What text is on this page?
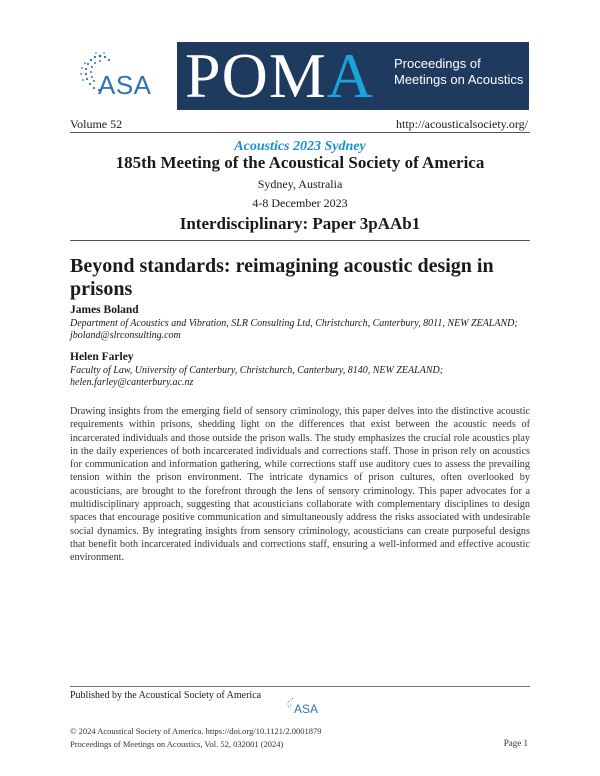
ASA POMA Proceedings of Meetings on Acoustics
Volume 52	http://acousticalsociety.org/
Acoustics 2023 Sydney
185th Meeting of the Acoustical Society of America
Sydney, Australia
4-8 December 2023
Interdisciplinary: Paper 3pAAb1
Beyond standards: reimagining acoustic design in prisons
James Boland
Department of Acoustics and Vibration, SLR Consulting Ltd, Christchurch, Canterbury, 8011, NEW ZEALAND; jboland@slrconsulting.com
Helen Farley
Faculty of Law, University of Canterbury, Christchurch, Canterbury, 8140, NEW ZEALAND; helen.farley@canterbury.ac.nz
Drawing insights from the emerging field of sensory criminology, this paper delves into the distinctive acoustic requirements within prisons, shedding light on the differences that exist between the acoustic needs of incarcerated individuals and those outside the prison walls. The study emphasizes the crucial role acoustics play in the daily experiences of both incarcerated individuals and corrections staff. Those in prison rely on acoustics for communication and information gathering, while corrections staff use auditory cues to assess the prevailing tension within the prison environment. The intricate dynamics of prison cultures, often overlooked by acousticians, are brought to the forefront through the lens of sensory criminology. This paper advocates for a multidisciplinary approach, suggesting that acousticians collaborate with complementary disciplines to design spaces that encourage positive communication and simultaneously address the risks associated with undesirable social dynamics. By integrating insights from sensory criminology, acousticians can create purposeful designs that benefit both incarcerated individuals and corrections staff, ensuring a well-informed and effective acoustic environment.
Published by the Acoustical Society of America
ASA
© 2024 Acoustical Society of America. https://doi.org/10.1121/2.0001879
Proceedings of Meetings on Acoustics, Vol. 52, 032001 (2024)	Page 1
